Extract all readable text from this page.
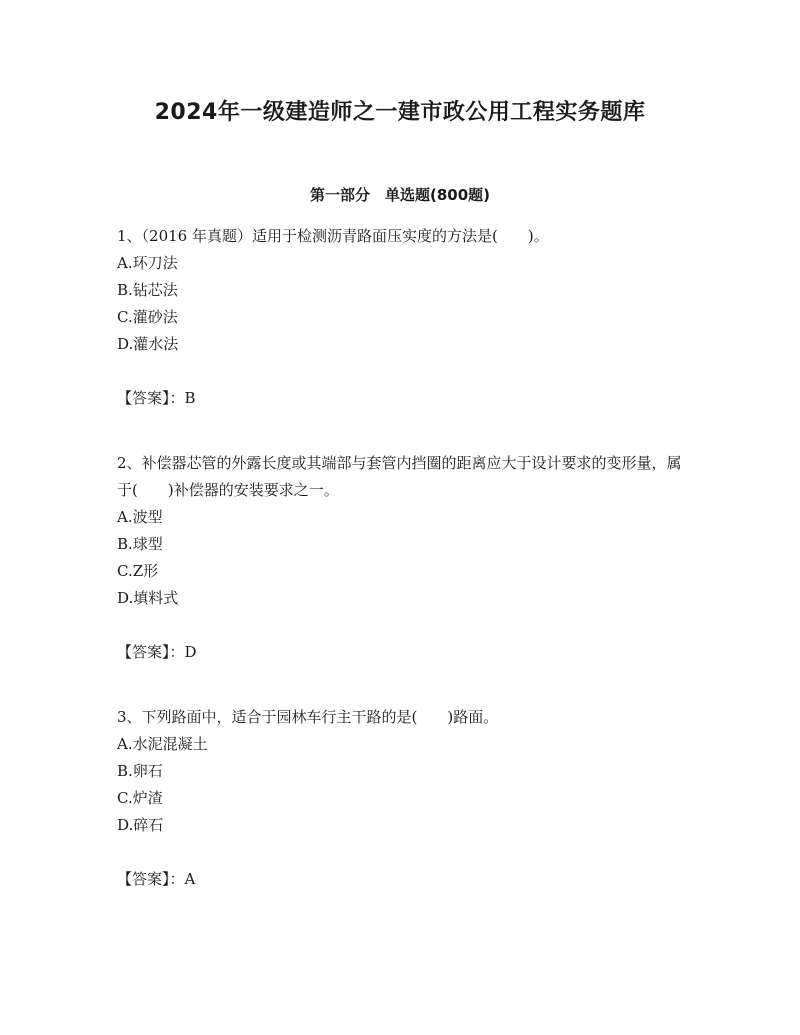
2024年一级建造师之一建市政公用工程实务题库
第一部分　单选题(800题)

1、（2016 年真题）适用于检测沥青路面压实度的方法是(　　)。

A.环刀法

B.钻芯法

C.灌砂法

D.灌水法

【答案】：B

2、补偿器芯管的外露长度或其端部与套管内挡圈的距离应大于设计要求的变形量，属于(　　)补偿器的安装要求之一。

A.波型

B.球型

C.Z形

D.填料式

【答案】：D

3、下列路面中，适合于园林车行主干路的是(　　)路面。

A.水泥混凝土

B.卵石

C.炉渣

D.碎石

【答案】：A
